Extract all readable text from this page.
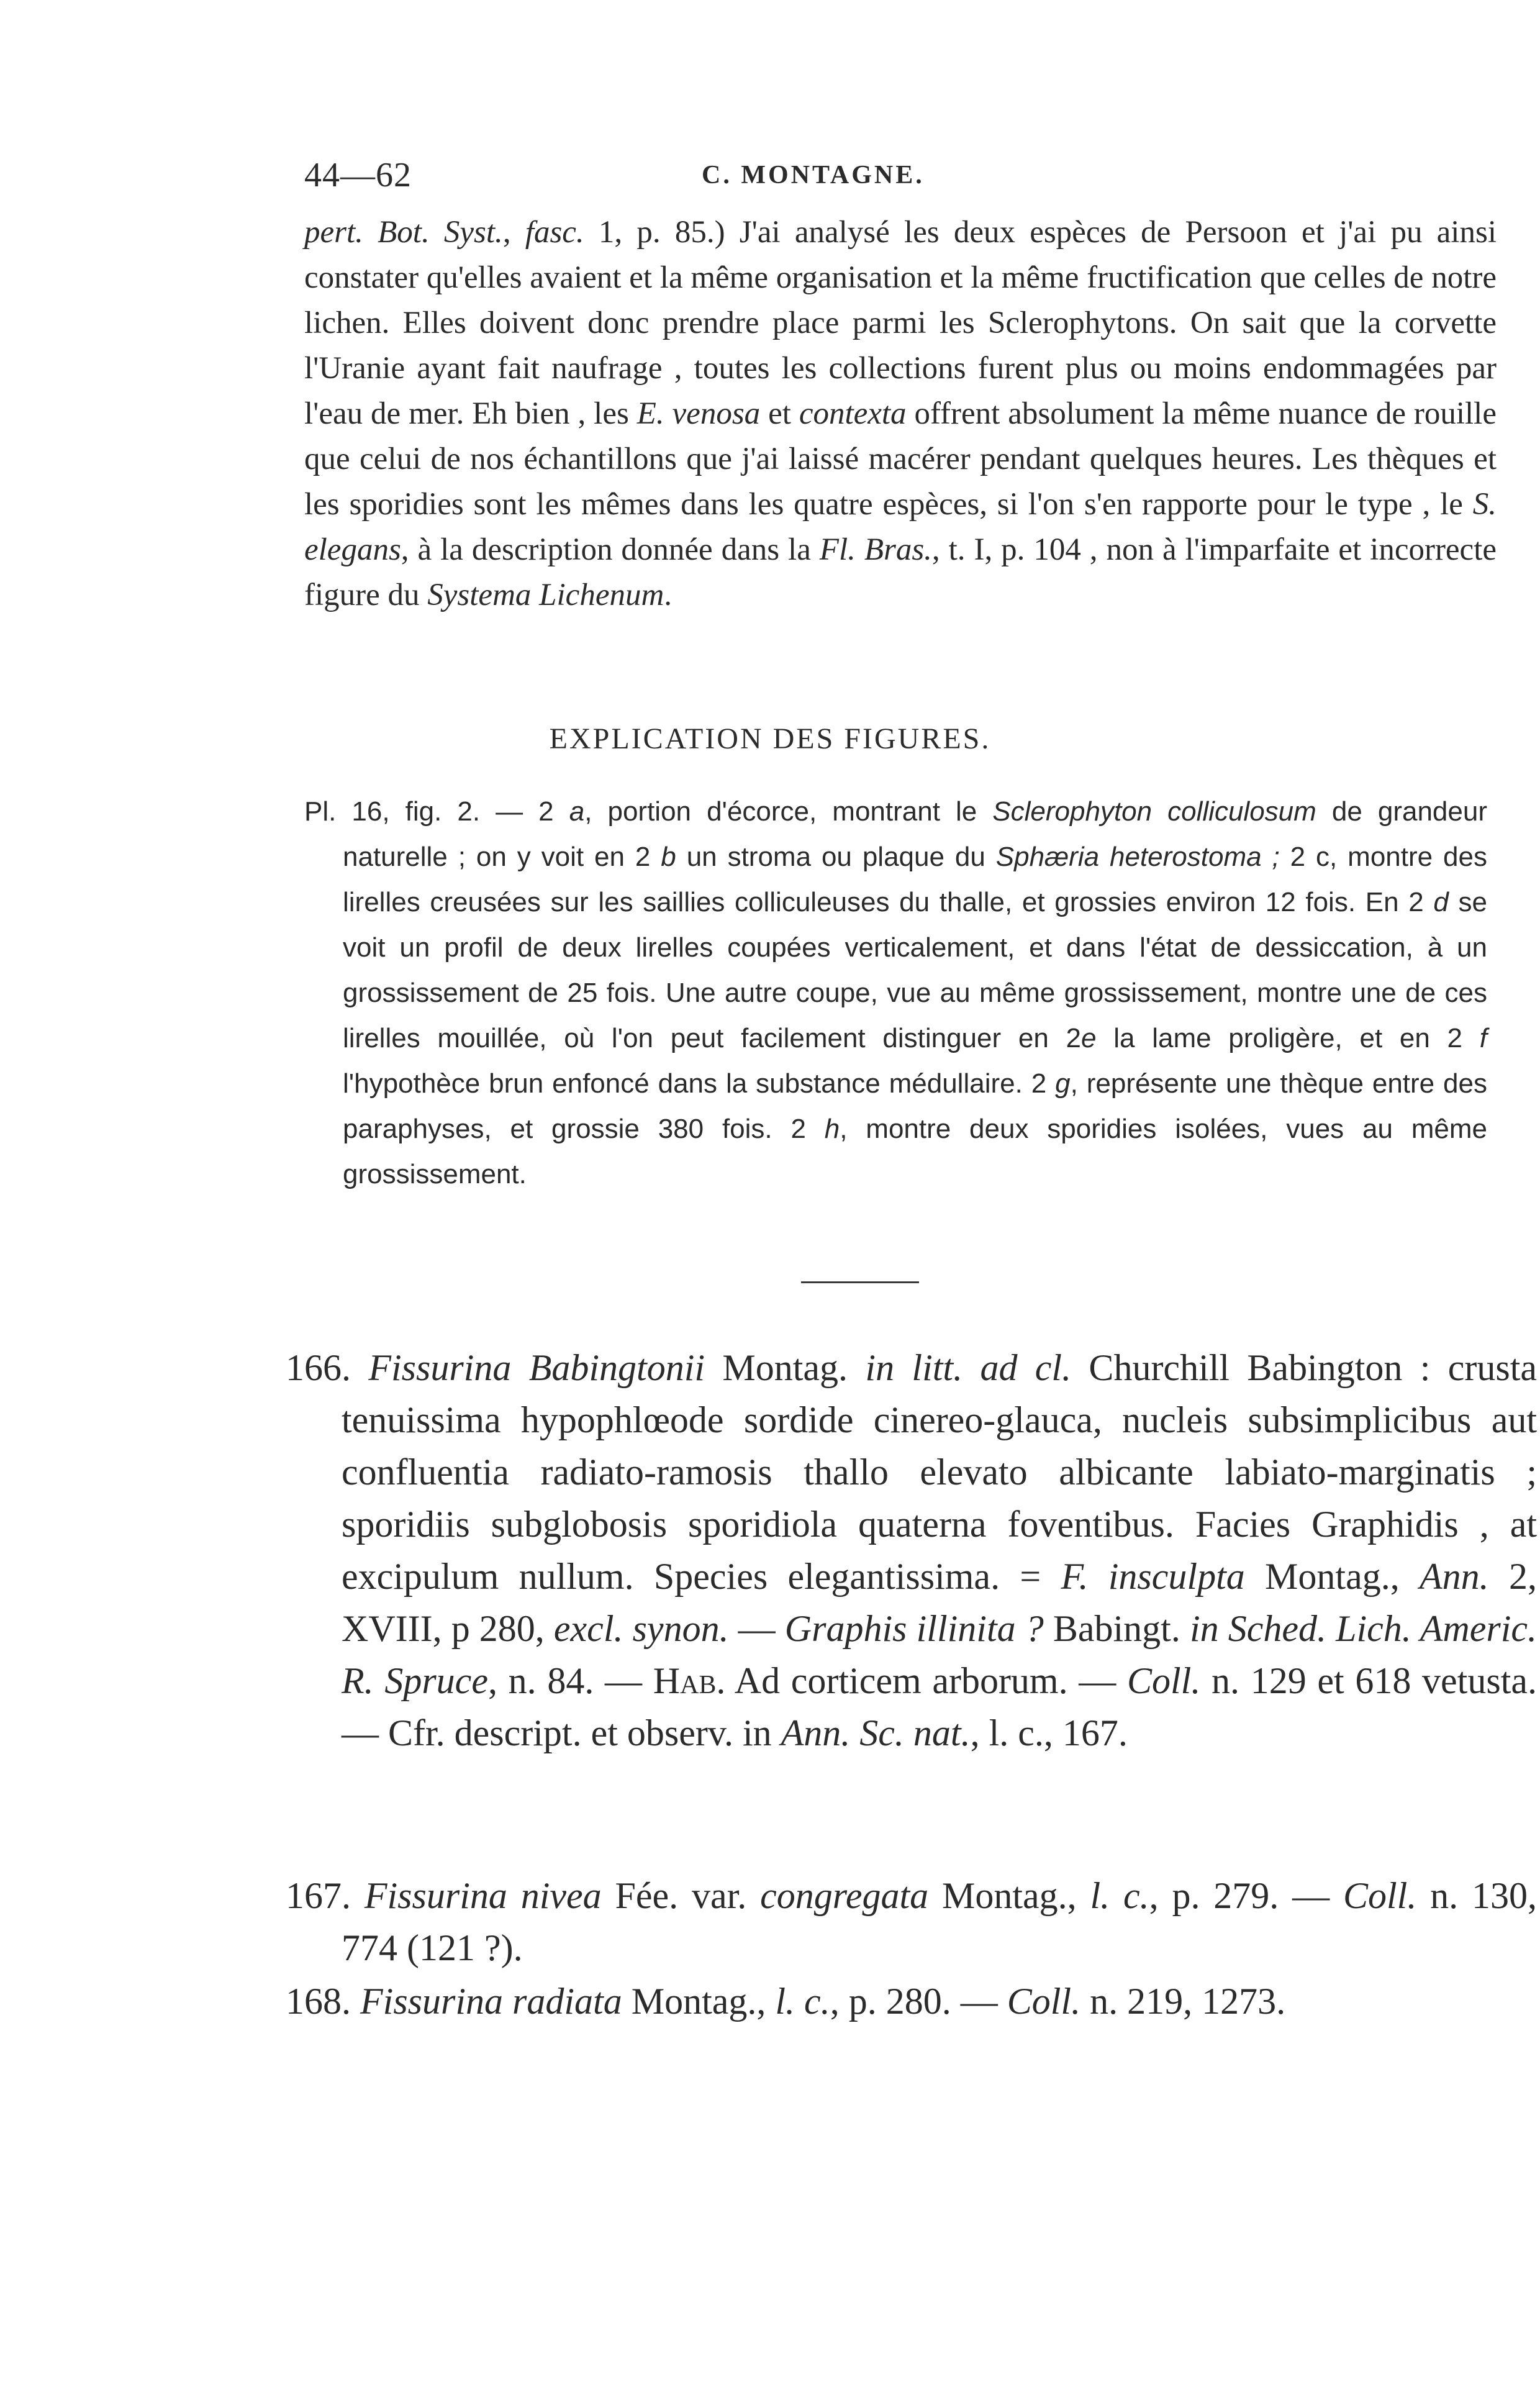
44—62	C. MONTAGNE.

pert. Bot. Syst., fasc. 1, p. 85.) J'ai analysé les deux espèces de Persoon et j'ai pu ainsi constater qu'elles avaient et la même organisation et la même fructification que celles de notre lichen. Elles doivent donc prendre place parmi les Sclerophytons. On sait que la corvette l'Uranie ayant fait naufrage , toutes les collections furent plus ou moins endommagées par l'eau de mer. Eh bien , les E. venosa et contexta offrent absolument la même nuance de rouille que celui de nos échantillons que j'ai laissé macérer pendant quelques heures. Les thèques et les sporidies sont les mêmes dans les quatre espèces, si l'on s'en rapporte pour le type , le S. elegans, à la description donnée dans la Fl. Bras., t. I, p. 104 , non à l'imparfaite et incorrecte figure du Systema Lichenum.

EXPLICATION DES FIGURES.

Pl. 16, fig. 2. — 2 a, portion d'écorce, montrant le Sclerophyton colliculosum de grandeur naturelle ; on y voit en 2 b un stroma ou plaque du Sphæria heterostoma ; 2 c, montre des lirelles creusées sur les saillies colliculeuses du thalle, et grossies environ 12 fois. En 2 d se voit un profil de deux lirelles coupées verticalement, et dans l'état de dessiccation, à un grossissement de 25 fois. Une autre coupe, vue au même grossissement, montre une de ces lirelles mouillée, où l'on peut facilement distinguer en 2e la lame proligère, et en 2 f l'hypothèce brun enfoncé dans la substance médullaire. 2 g, représente une thèque entre des paraphyses, et grossie 380 fois. 2 h, montre deux sporidies isolées, vues au même grossissement.

166. Fissurina Babingtonii Montag. in litt. ad cl. Churchill Babington : crusta tenuissima hypophlœode sordide cinereo-glauca, nucleis subsimplicibus aut confluentia radiato-ramosis thallo elevato albicante labiato-marginatis ; sporidiis subglobosis sporidiola quaterna foventibus. Facies Graphidis , at excipulum nullum. Species elegantissima. = F. insculpta Montag., Ann. 2, XVIII, p 280, excl. synon. — Graphis illinita ? Babingt. in Sched. Lich. Americ. R. Spruce, n. 84. — Hab. Ad corticem arborum. — Coll. n. 129 et 618 vetusta. — Cfr. descript. et observ. in Ann. Sc. nat., l. c., 167.

167. Fissurina nivea Fée. var. congregata Montag., l. c., p. 279. — Coll. n. 130, 774 (121 ?).

168. Fissurina radiata Montag., l. c., p. 280. — Coll. n. 219, 1273.
